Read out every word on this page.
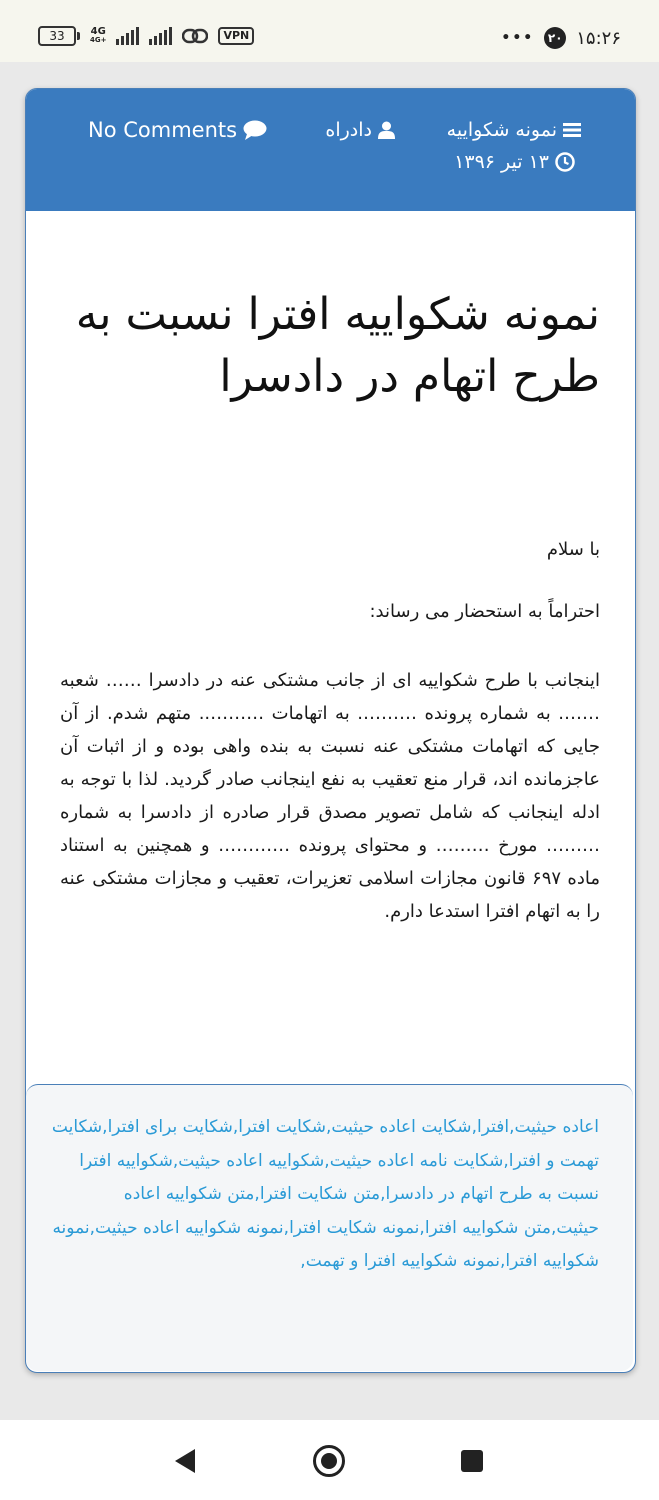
33	4G
4G+	VPN	•••	۲۰ ۱۵:۲۶
نمونه شکواییه
دادراه
No Comments
۱۳ تیر ۱۳۹۶
نمونه شکواییه افترا نسبت به طرح اتهام در دادسرا

با سلام

احتراماً به استحضار می رساند:

اینجانب با طرح شکواییه ای از جانب مشتکی عنه در دادسرا …… شعبه ……. به شماره پرونده ………. به اتهامات ……….. متهم شدم. از آن جایی که اتهامات مشتکی عنه نسبت به بنده واهی بوده و از اثبات آن عاجزمانده اند، قرار منع تعقیب به نفع اینجانب صادر گردید. لذا با توجه به ادله اینجانب که شامل تصویر مصدق قرار صادره از دادسرا به شماره ……… مورخ ……… و محتوای پرونده ………… و همچنین به استناد ماده ۶۹۷ قانون مجازات اسلامی تعزیرات، تعقیب و مجازات مشتکی عنه را به اتهام افترا استدعا دارم.

اعاده حیثیت,افترا,شکایت اعاده حیثیت,شکایت افترا,شکایت برای افترا,شکایت تهمت و افترا,شکایت نامه اعاده حیثیت,شکواییه اعاده حیثیت,شکواییه افترا نسبت به طرح اتهام در دادسرا,متن شکایت افترا,متن شکواییه اعاده حیثیت,متن شکواییه افترا,نمونه شکایت افترا,نمونه شکواییه اعاده حیثیت,نمونه شکواییه افترا,نمونه شکواییه افترا و تهمت,
